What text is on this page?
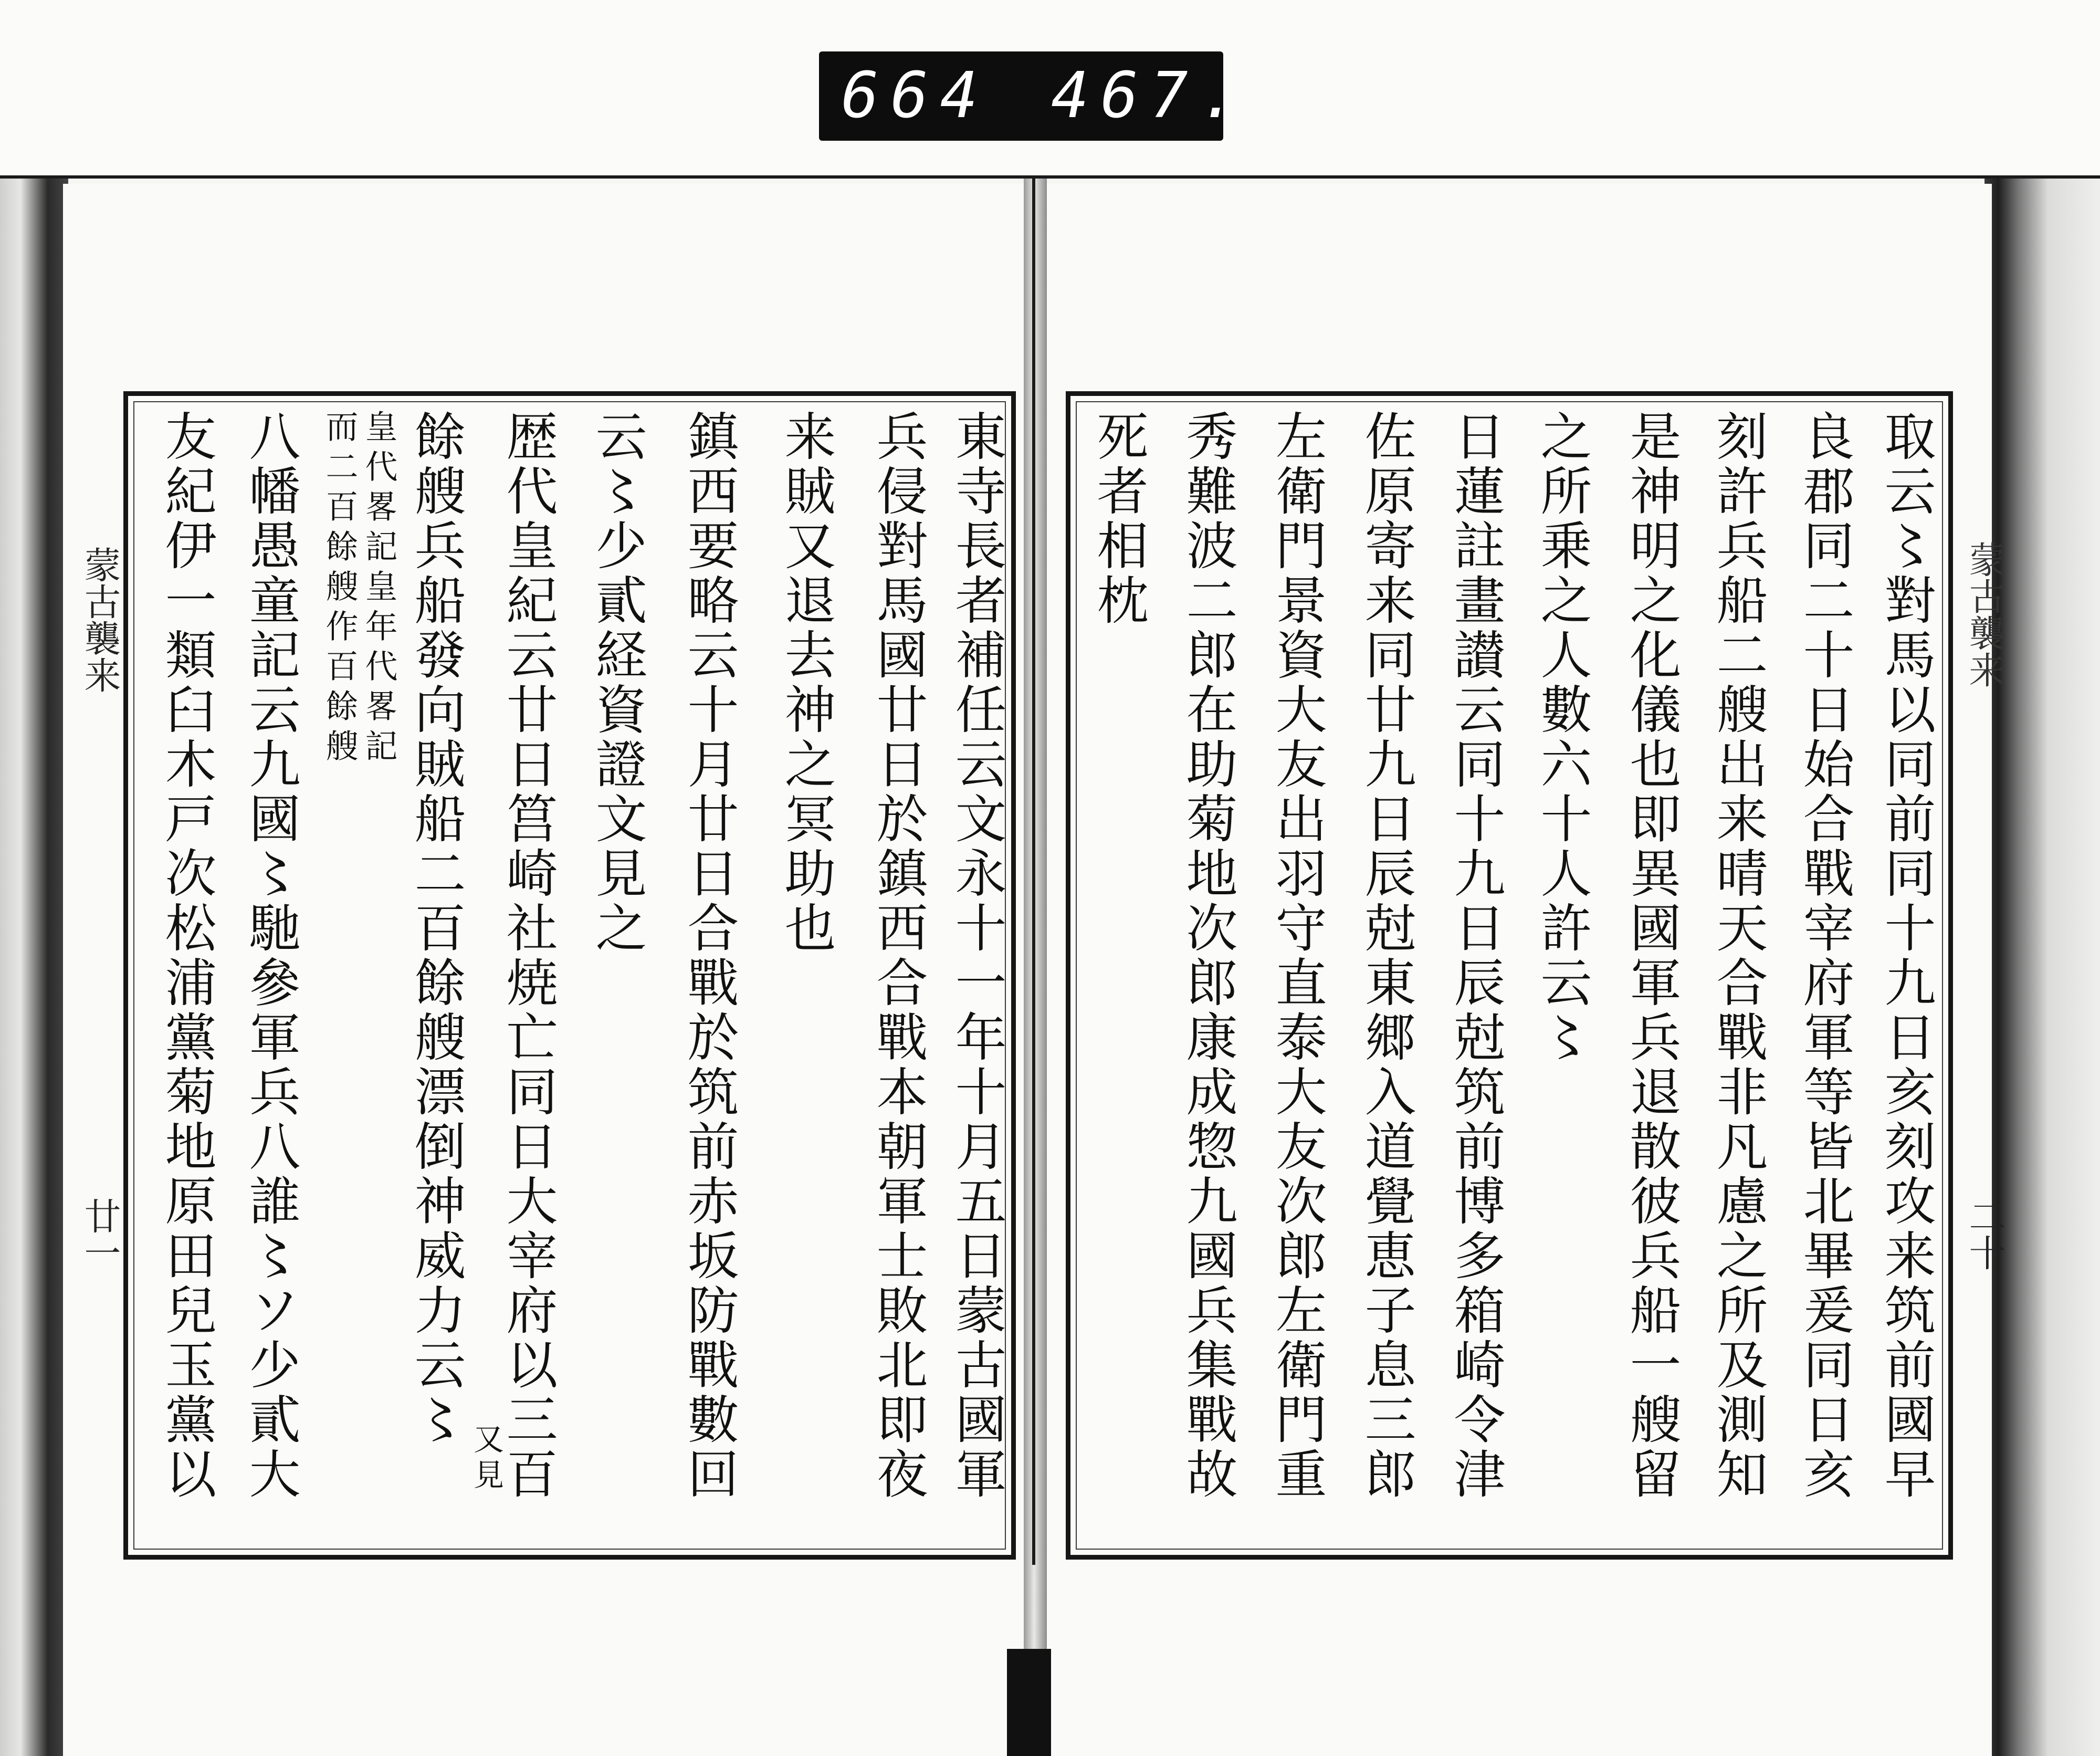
664 467.
蒙古襲来
廿一
蒙古襲来
二十
東寺長者補任云文永十一年十月五日蒙古國軍
兵侵對馬國廿日於鎮西合戰本朝軍士敗北即夜
来賊又退去神之冥助也
鎮西要略云十月廿日合戰於筑前赤坂防戰數回
云〻少貳経資證文見之
歴代皇紀云廿日筥崎社焼亡同日大宰府以三百
餘艘兵船發向賊船二百餘艘漂倒神威力云〻
皇代畧記皇年代畧記
而二百餘艘作百餘艘
八幡愚童記云九國〻馳參軍兵八誰〻ソ少貳大
友紀伊一類臼木戸次松浦黨菊地原田兒玉黨以	又見	取云〻對馬以同前同十九日亥刻攻来筑前國早
良郡同二十日始合戰宰府軍等皆北畢爰同日亥
刻許兵船二艘出来晴天合戰非凡慮之所及測知
是神明之化儀也即異國軍兵退散彼兵船一艘留
之所乗之人數六十人許云〻
日蓮註畫讃云同十九日辰尅筑前博多箱崎令津
佐原寄来同廿九日辰尅東郷入道覺恵子息三郎
左衛門景資大友出羽守直泰大友次郎左衛門重
秀難波二郎在助菊地次郎康成惣九國兵集戰故
死者相枕
